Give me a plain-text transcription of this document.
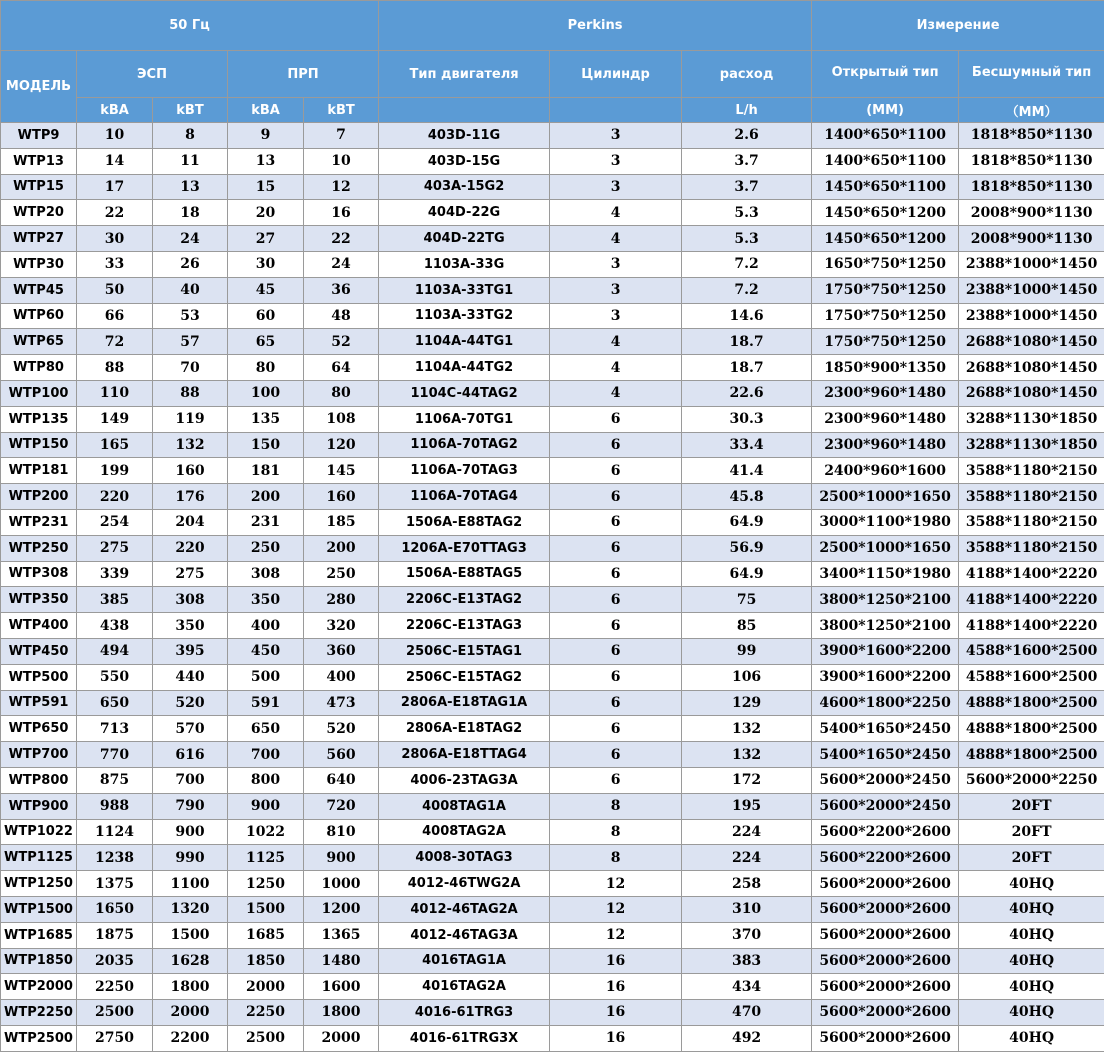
50 Гц					Perkins			Измерение	
МОДЕЛЬ	ЭСП		ПРП					Открытый тип	Бесшумный тип

					Тип двигателя	Цилиндр	расход		
	kBA	kBT	kBA	kBT			L/h	(MM)	（MM）
WTP9	10	8	9	7	403D-11G	3	2.6	1400*650*1100	1818*850*1130
WTP13	14	11	13	10	403D-15G	3	3.7	1400*650*1100	1818*850*1130
WTP15	17	13	15	12	403A-15G2	3	3.7	1450*650*1100	1818*850*1130
WTP20	22	18	20	16	404D-22G	4	5.3	1450*650*1200	2008*900*1130
WTP27	30	24	27	22	404D-22TG	4	5.3	1450*650*1200	2008*900*1130
WTP30	33	26	30	24	1103A-33G	3	7.2	1650*750*1250	2388*1000*1450
WTP45	50	40	45	36	1103A-33TG1	3	7.2	1750*750*1250	2388*1000*1450
WTP60	66	53	60	48	1103A-33TG2	3	14.6	1750*750*1250	2388*1000*1450
WTP65	72	57	65	52	1104A-44TG1	4	18.7	1750*750*1250	2688*1080*1450
WTP80	88	70	80	64	1104A-44TG2	4	18.7	1850*900*1350	2688*1080*1450
WTP100	110	88	100	80	1104C-44TAG2	4	22.6	2300*960*1480	2688*1080*1450
WTP135	149	119	135	108	1106A-70TG1	6	30.3	2300*960*1480	3288*1130*1850
WTP150	165	132	150	120	1106A-70TAG2	6	33.4	2300*960*1480	3288*1130*1850
WTP181	199	160	181	145	1106A-70TAG3	6	41.4	2400*960*1600	3588*1180*2150
WTP200	220	176	200	160	1106A-70TAG4	6	45.8	2500*1000*1650	3588*1180*2150
WTP231	254	204	231	185	1506A-E88TAG2	6	64.9	3000*1100*1980	3588*1180*2150
WTP250	275	220	250	200	1206A-E70TTAG3	6	56.9	2500*1000*1650	3588*1180*2150
WTP308	339	275	308	250	1506A-E88TAG5	6	64.9	3400*1150*1980	4188*1400*2220
WTP350	385	308	350	280	2206C-E13TAG2	6	75	3800*1250*2100	4188*1400*2220
WTP400	438	350	400	320	2206C-E13TAG3	6	85	3800*1250*2100	4188*1400*2220
WTP450	494	395	450	360	2506C-E15TAG1	6	99	3900*1600*2200	4588*1600*2500
WTP500	550	440	500	400	2506C-E15TAG2	6	106	3900*1600*2200	4588*1600*2500
WTP591	650	520	591	473	2806A-E18TAG1A	6	129	4600*1800*2250	4888*1800*2500
WTP650	713	570	650	520	2806A-E18TAG2	6	132	5400*1650*2450	4888*1800*2500
WTP700	770	616	700	560	2806A-E18TTAG4	6	132	5400*1650*2450	4888*1800*2500
WTP800	875	700	800	640	4006-23TAG3A	6	172	5600*2000*2450	5600*2000*2250
WTP900	988	790	900	720	4008TAG1A	8	195	5600*2000*2450	20FT
WTP1022	1124	900	1022	810	4008TAG2A	8	224	5600*2200*2600	20FT
WTP1125	1238	990	1125	900	4008-30TAG3	8	224	5600*2200*2600	20FT
WTP1250	1375	1100	1250	1000	4012-46TWG2A	12	258	5600*2000*2600	40HQ
WTP1500	1650	1320	1500	1200	4012-46TAG2A	12	310	5600*2000*2600	40HQ
WTP1685	1875	1500	1685	1365	4012-46TAG3A	12	370	5600*2000*2600	40HQ
WTP1850	2035	1628	1850	1480	4016TAG1A	16	383	5600*2000*2600	40HQ
WTP2000	2250	1800	2000	1600	4016TAG2A	16	434	5600*2000*2600	40HQ
WTP2250	2500	2000	2250	1800	4016-61TRG3	16	470	5600*2000*2600	40HQ
WTP2500	2750	2200	2500	2000	4016-61TRG3X	16	492	5600*2000*2600	40HQ
